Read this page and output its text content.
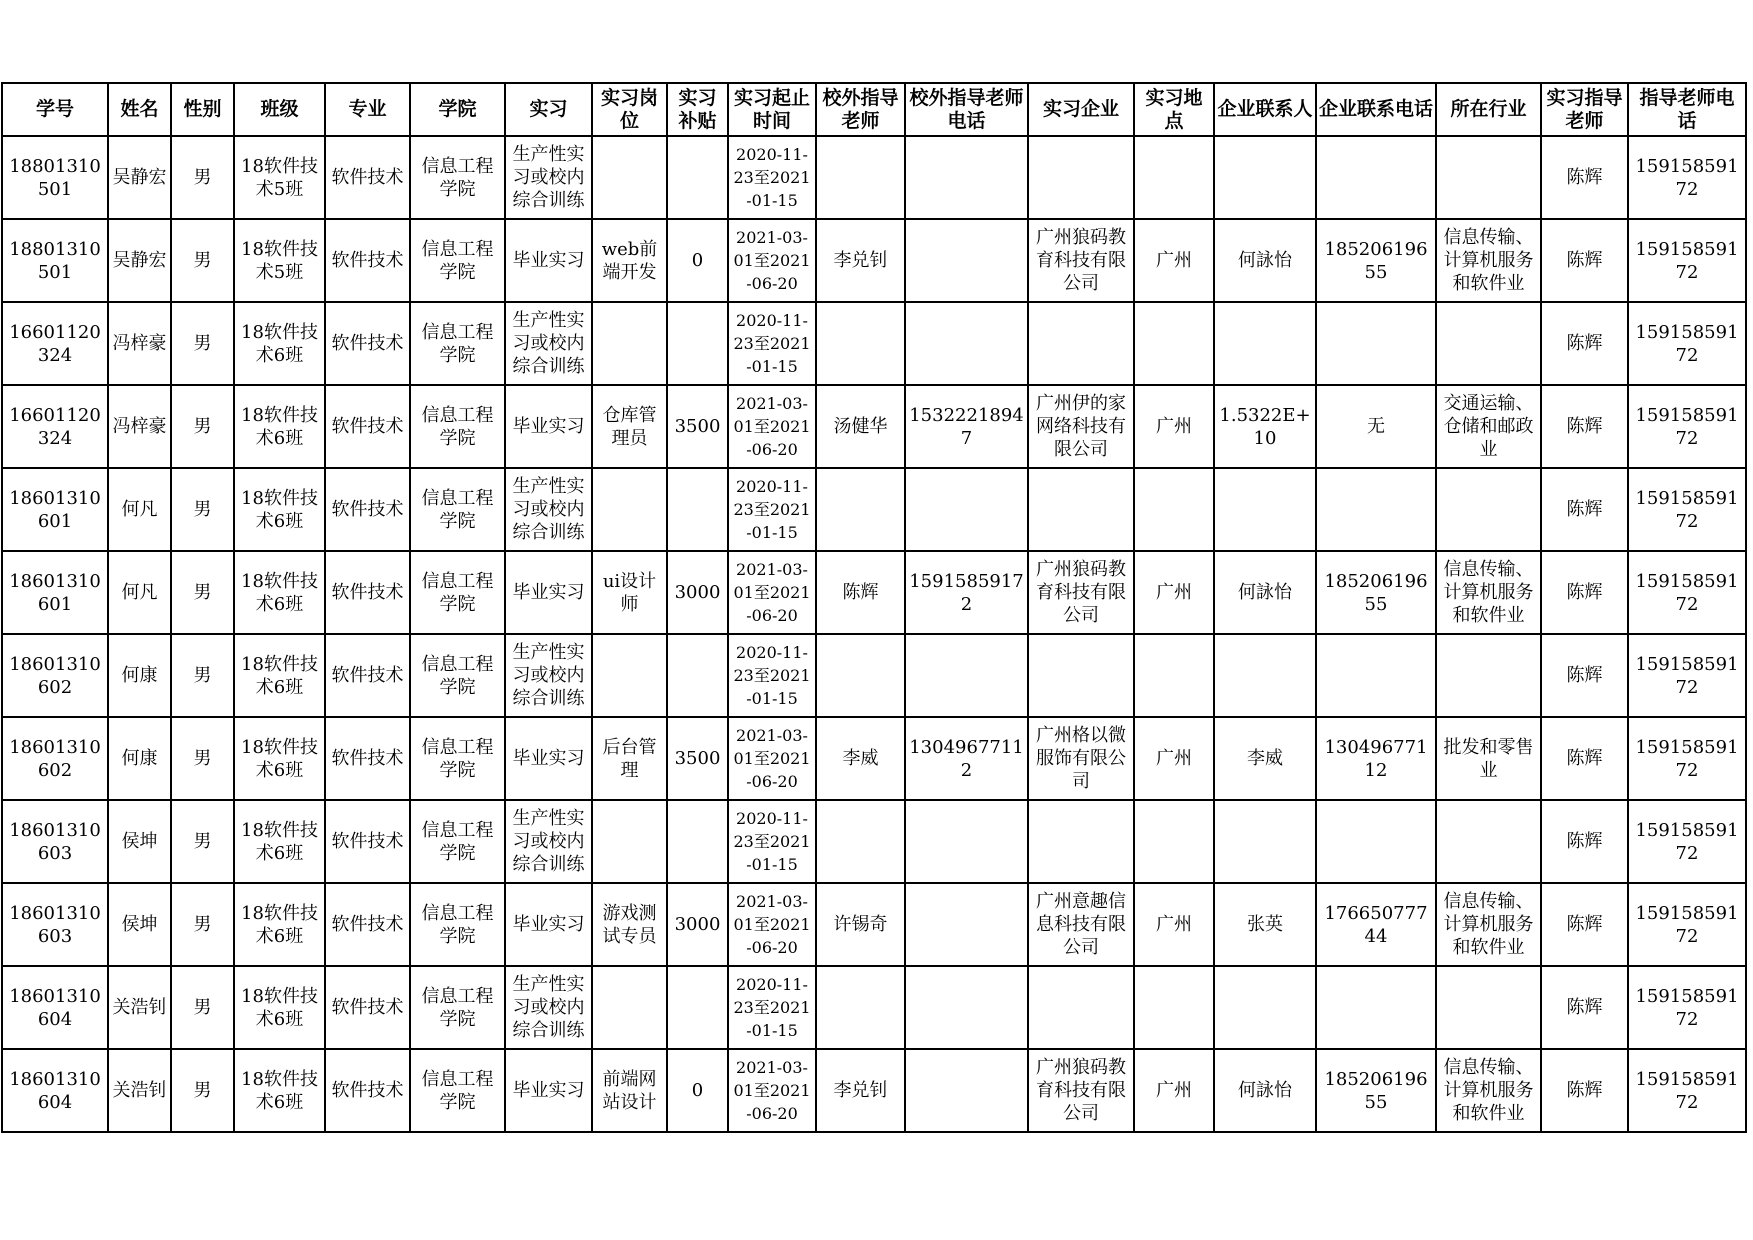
学号	姓名	性别	班级	专业	学院	实习	实习岗位	实习补贴	实习起止时间	校外指导老师	校外指导老师电话	实习企业	实习地点	企业联系人	企业联系电话	所在行业	实习指导老师	指导老师电话

18801310501	吴静宏	男	18软件技术5班	软件技术	信息工程学院	生产性实习或校内综合训练			2020-11-23至2021-01-15								陈辉	15915859172

18801310501	吴静宏	男	18软件技术5班	软件技术	信息工程学院	毕业实习	web前端开发	0	2021-03-01至2021-06-20	李兑钊		广州狼码教育科技有限公司	广州	何詠怡	18520619655	信息传输、计算机服务和软件业	陈辉	15915859172

16601120324	冯梓豪	男	18软件技术6班	软件技术	信息工程学院	生产性实习或校内综合训练			2020-11-23至2021-01-15								陈辉	15915859172

16601120324	冯梓豪	男	18软件技术6班	软件技术	信息工程学院	毕业实习	仓库管理员	3500	2021-03-01至2021-06-20	汤健华	15322218947	广州伊的家网络科技有限公司	广州	1.5322E+10	无	交通运输、仓储和邮政业	陈辉	15915859172

18601310601	何凡	男	18软件技术6班	软件技术	信息工程学院	生产性实习或校内综合训练			2020-11-23至2021-01-15								陈辉	15915859172

18601310601	何凡	男	18软件技术6班	软件技术	信息工程学院	毕业实习	ui设计师	3000	2021-03-01至2021-06-20	陈辉	15915859172	广州狼码教育科技有限公司	广州	何詠怡	18520619655	信息传输、计算机服务和软件业	陈辉	15915859172

18601310602	何康	男	18软件技术6班	软件技术	信息工程学院	生产性实习或校内综合训练			2020-11-23至2021-01-15								陈辉	15915859172

18601310602	何康	男	18软件技术6班	软件技术	信息工程学院	毕业实习	后台管理	3500	2021-03-01至2021-06-20	李威	13049677112	广州格以微服饰有限公司	广州	李威	13049677112	批发和零售业	陈辉	15915859172

18601310603	侯坤	男	18软件技术6班	软件技术	信息工程学院	生产性实习或校内综合训练			2020-11-23至2021-01-15								陈辉	15915859172

18601310603	侯坤	男	18软件技术6班	软件技术	信息工程学院	毕业实习	游戏测试专员	3000	2021-03-01至2021-06-20	许锡奇		广州意趣信息科技有限公司	广州	张英	17665077744	信息传输、计算机服务和软件业	陈辉	15915859172

18601310604	关浩钊	男	18软件技术6班	软件技术	信息工程学院	生产性实习或校内综合训练			2020-11-23至2021-01-15								陈辉	15915859172

18601310604	关浩钊	男	18软件技术6班	软件技术	信息工程学院	毕业实习	前端网站设计	0	2021-03-01至2021-06-20	李兑钊		广州狼码教育科技有限公司	广州	何詠怡	18520619655	信息传输、计算机服务和软件业	陈辉	15915859172
